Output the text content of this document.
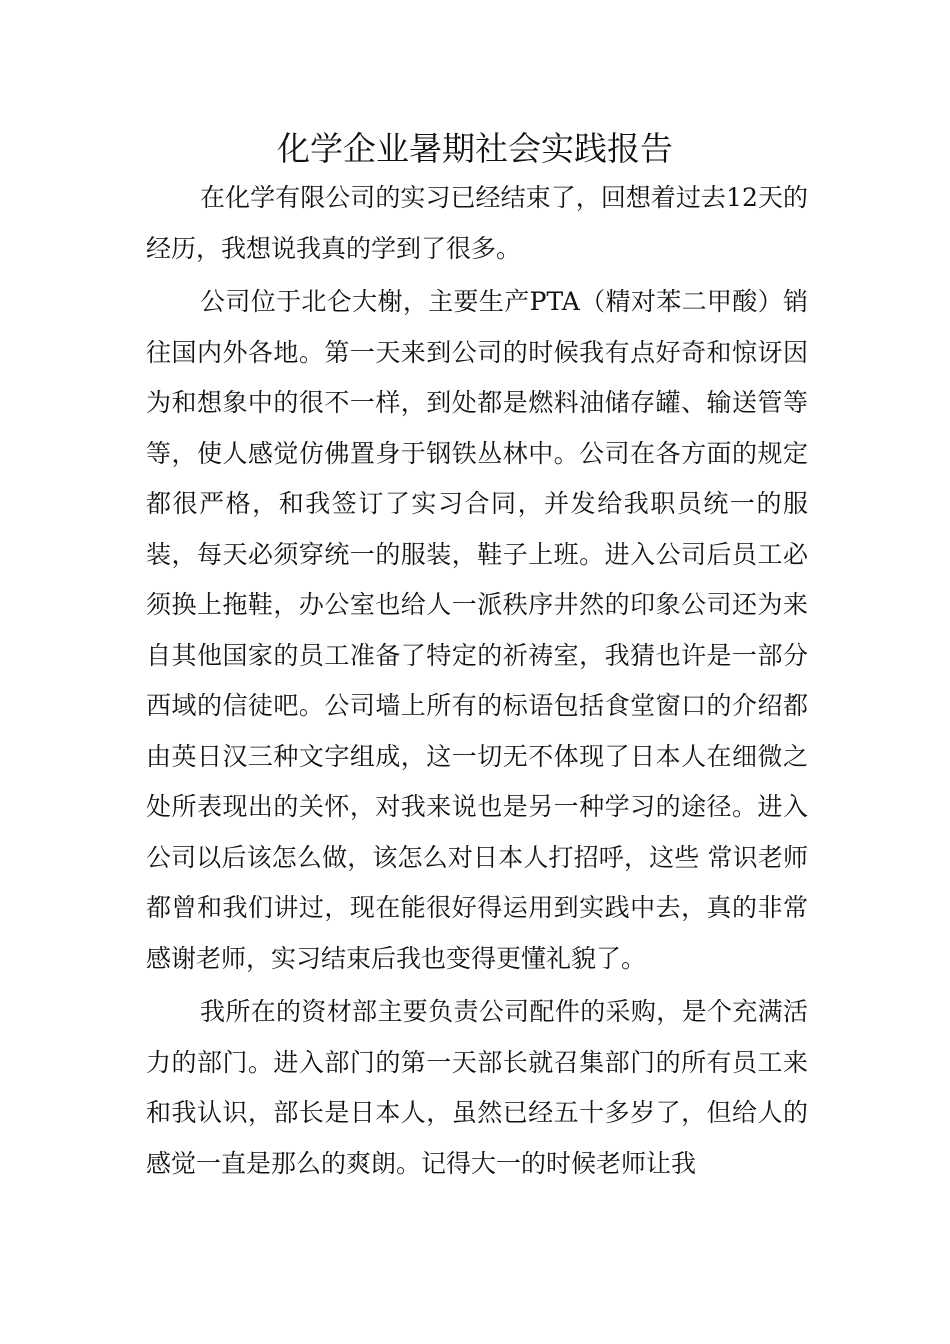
化学企业暑期社会实践报告

在化学有限公司的实习已经结束了，回想着过去12天的经历，我想说我真的学到了很多。

公司位于北仑大榭，主要生产PTA（精对苯二甲酸）销往国内外各地。第一天来到公司的时候我有点好奇和惊讶因为和想象中的很不一样，到处都是燃料油储存罐、输送管等等，使人感觉仿佛置身于钢铁丛林中。公司在各方面的规定都很严格，和我签订了实习合同，并发给我职员统一的服装，每天必须穿统一的服装，鞋子上班。进入公司后员工必须换上拖鞋，办公室也给人一派秩序井然的印象公司还为来自其他国家的员工准备了特定的祈祷室，我猜也许是一部分西域的信徒吧。公司墙上所有的标语包括食堂窗口的介绍都由英日汉三种文字组成，这一切无不体现了日本人在细微之处所表现出的关怀，对我来说也是另一种学习的途径。进入公司以后该怎么做，该怎么对日本人打招呼，这些 常识老师都曾和我们讲过，现在能很好得运用到实践中去，真的非常感谢老师，实习结束后我也变得更懂礼貌了。

我所在的资材部主要负责公司配件的采购，是个充满活力的部门。进入部门的第一天部长就召集部门的所有员工来和我认识，部长是日本人，虽然已经五十多岁了，但给人的感觉一直是那么的爽朗。记得大一的时候老师让我
